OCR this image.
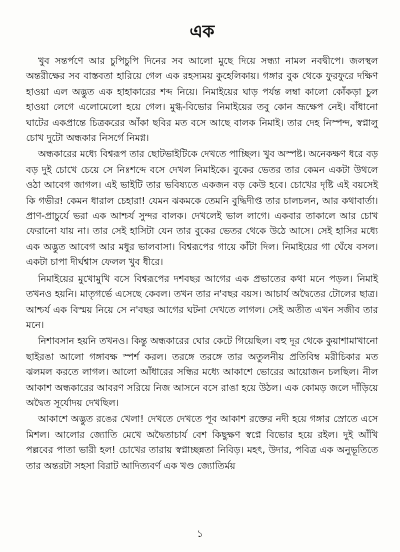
এক

খুব সন্তর্পণে আর চুপিচুপি দিনের সব আলো মুছে দিয়ে সন্ধ্যা নামল নবদ্বীপে। জলস্থল অন্তরীক্ষের সব বাস্তবতা হারিয়ে গেল এক রহস্যময় কুহেলিকায়। গঙ্গার বুক থেকে ফুরফুরে দক্ষিণ হাওয়া এল অদ্ভুত এক হাহাকারের শব্দ নিয়ে। নিমাইয়ের ঘাড় পর্যন্ত লম্বা কালো কোঁকড়া চুল হাওয়া লেগে এলোমেলো হয়ে গেল। মুগ্ধ-বিভোর নিমাইয়ের তবু কোন ভ্রূক্ষেপ নেই। বাঁধানো ঘাটের একপ্রান্তে চিত্রকরের আঁকা ছবির মত বসে আছে বালক নিমাই। তার দেহ নিস্পন্দ, স্বপ্নালু চোখ দুটো অন্ধকার নিসর্গে নিমগ্ন।

অন্ধকারের মধ্যে বিশ্বরূপ তার ছোটভাইটিকে দেখতে পাচ্ছিল। খুব অস্পষ্ট। অনেকক্ষণ ধরে বড় বড় দুই চোখে চেয়ে সে নিঃশব্দে বসে দেখল নিমাইকে। বুকের ভেতর তার কেমন একটা উথলে ওঠা আবেগ জাগল। এই ভাইটি তার ভবিষ্যতে একজন বড় কেউ হবে। চোখের দৃষ্টি এই বয়সেই কি গভীর! কেমন ধারাল চেহারা! যেমন ঝকমকে তেমনি বুদ্ধিদীপ্ত তার চালচলন, আর কথাবার্তা। প্রাণ-প্রাচুর্যে ভরা এক আশ্চর্য সুন্দর বালক। দেখলেই ভাল লাগে। একবার তাকালে আর চোখ ফেরানো যায় না। তার সেই হাসিটা যেন তার বুকের ভেতর থেকে উঠে আসে। সেই হাসির মধ্যে এক অদ্ভুত আবেগ আর মধুর ভালবাসা। বিশ্বরূপের গায়ে কাঁটা দিল। নিমাইয়ের গা ঘেঁষে বসল। একটা চাপা দীর্ঘশ্বাস ফেলল খুব ধীরে।

নিমাইয়ের মুখোমুখি বসে বিশ্বরূপের দশবছর আগের এক প্রভাতের কথা মনে পড়ল। নিমাই তখনও হয়নি। মাতৃগর্ভে এসেছে কেবল। তখন তার ন'বছর বয়স। আচার্য অদ্বৈতের টোলের ছাত্র। আশ্চর্য এক বিস্ময় নিয়ে সে ন'বছর আগের ঘটনা দেখতে লাগল। সেই অতীত এখন সজীব তার মনে।

নিশাবসান হয়নি তখনও। কিন্তু অন্ধকারের ঘোর কেটে গিয়েছিল। বহু দূর থেকে কুয়াশামাখানো ছাইরঙা আলো গঙ্গাবক্ষ স্পর্শ করল। তরঙ্গে তরঙ্গে তার অতুলনীয় প্রতিবিম্ব মরীচিকার মত ঝলমল করতে লাগল। আলো আঁধারের সন্ধির মধ্যে আকাশে ভোরের আয়োজন চলছিল। নীল আকাশ অন্ধকারের আবরণ সরিয়ে নিজ আসনে বসে রাঙা হয়ে উঠল। এক কোমড় জলে দাঁড়িয়ে অদ্বৈত সূর্যোদয় দেখছিল।

আকাশে অদ্ভুত রঙের খেলা! দেখতে দেখতে পূব আকাশ রক্তের নদী হয়ে গঙ্গার স্রোতে এসে মিশল। আলোর জ্যোতি মেখে অদ্বৈতাচার্য বেশ কিছুক্ষণ স্বপ্নে বিভোর হয়ে রইল। দুই আঁখি পল্লবের পাতা ভারী হল! চোখের তারায় স্বপ্নাচ্ছন্নতা নিবিড়। মহৎ, উদার, পবিত্র এক অনুভূতিতে তার অন্তরটা সহসা বিরাট আদিত্যবর্ণ এক খণ্ড জ্যোতির্ময়

১
